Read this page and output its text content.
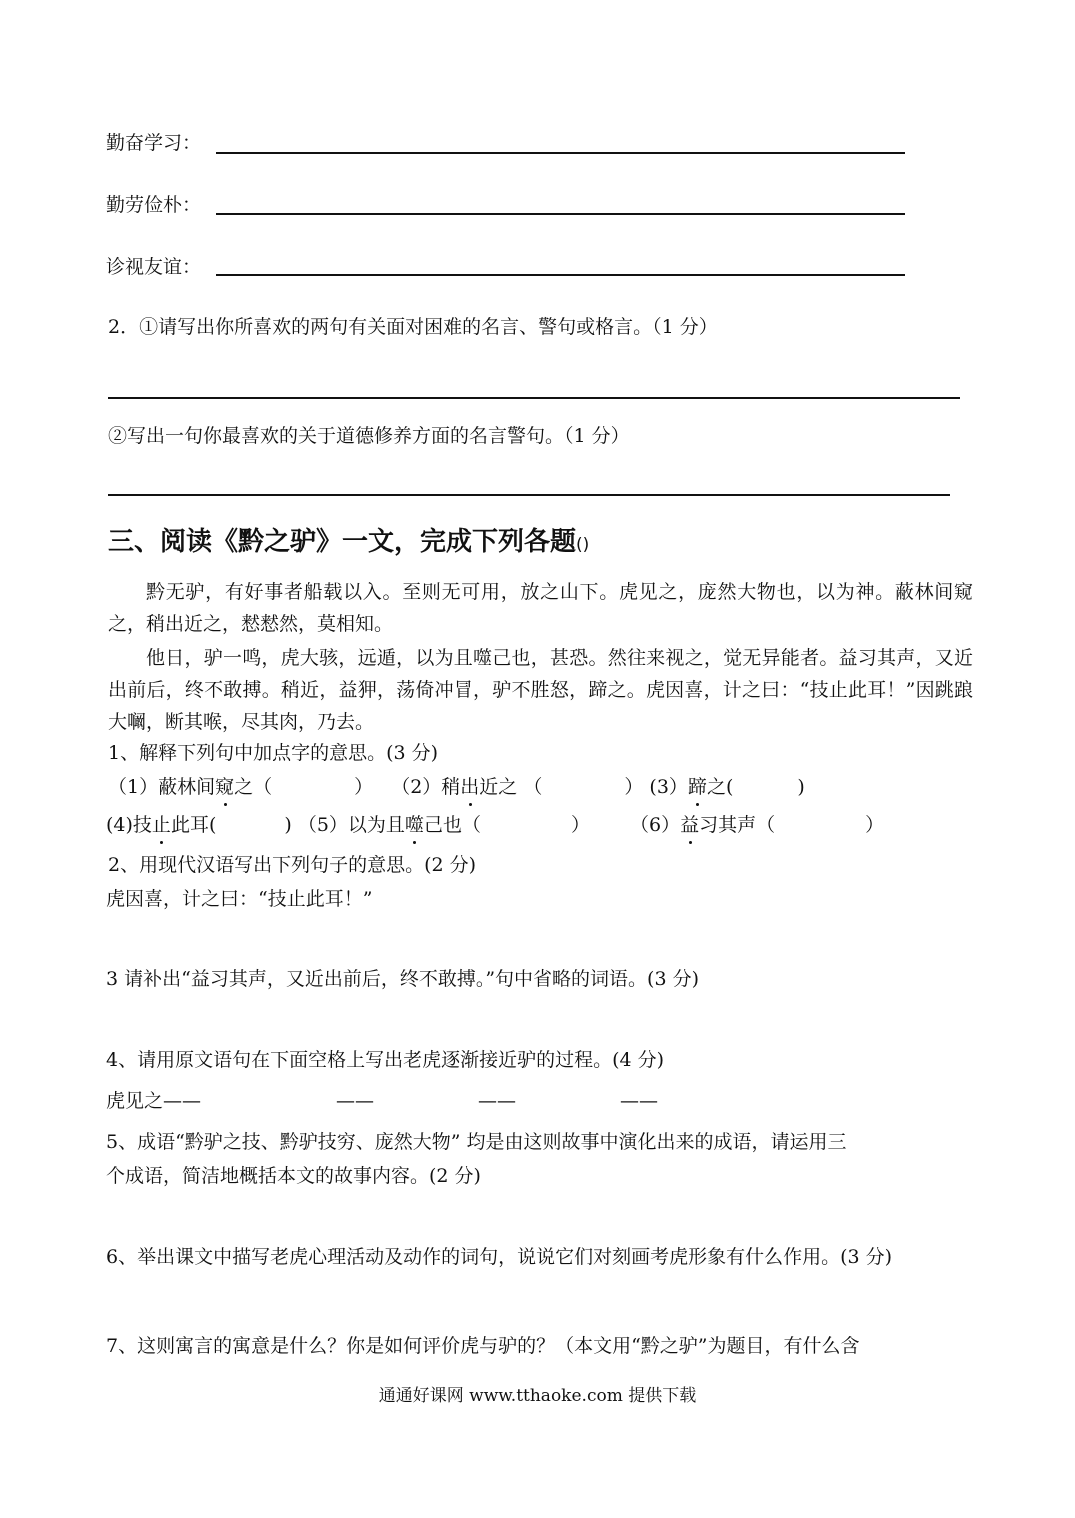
勤奋学习：
勤劳俭朴：
诊视友谊：
2．①请写出你所喜欢的两句有关面对困难的名言、警句或格言。（1 分）
②写出一句你最喜欢的关于道德修养方面的名言警句。（1 分）
三、阅读《黔之驴》一文，完成下列各题()
黔无驴，有好事者船载以入。至则无可用，放之山下。虎见之，庞然大物也，以为神。蔽林间窥之，稍出近之，慭慭然，莫相知。
他日，驴一鸣，虎大骇，远遁，以为且噬己也，甚恐。然往来视之，觉无异能者。益习其声，又近出前后，终不敢搏。稍近，益狎，荡倚冲冒，驴不胜怒，蹄之。虎因喜，计之曰：“技止此耳！”因跳踉大㘎，断其喉，尽其肉，乃去。
1、解释下列句中加点字的意思。(3 分)
（1）蔽林间窥之（	） （2）稍出近之 （	） (3）蹄之(	)
(4)技止此耳(	) （5）以为且噬己也（	） （6）益习其声（	）
2、用现代汉语写出下列句子的意思。(2 分)
虎因喜，计之曰：“技止此耳！”
3 请补出“益习其声，又近出前后，终不敢搏。”句中省略的词语。(3 分)
4、请用原文语句在下面空格上写出老虎逐渐接近驴的过程。(4 分)
虎见之——	——	——	——
5、成语“黔驴之技、黔驴技穷、庞然大物” 均是由这则故事中演化出来的成语，请运用三
个成语，简洁地概括本文的故事内容。(2 分)
6、举出课文中描写老虎心理活动及动作的词句，说说它们对刻画考虎形象有什么作用。(3 分)
7、这则寓言的寓意是什么？你是如何评价虎与驴的？（本文用“黔之驴”为题目，有什么含
通通好课网 www.tthaoke.com 提供下载
